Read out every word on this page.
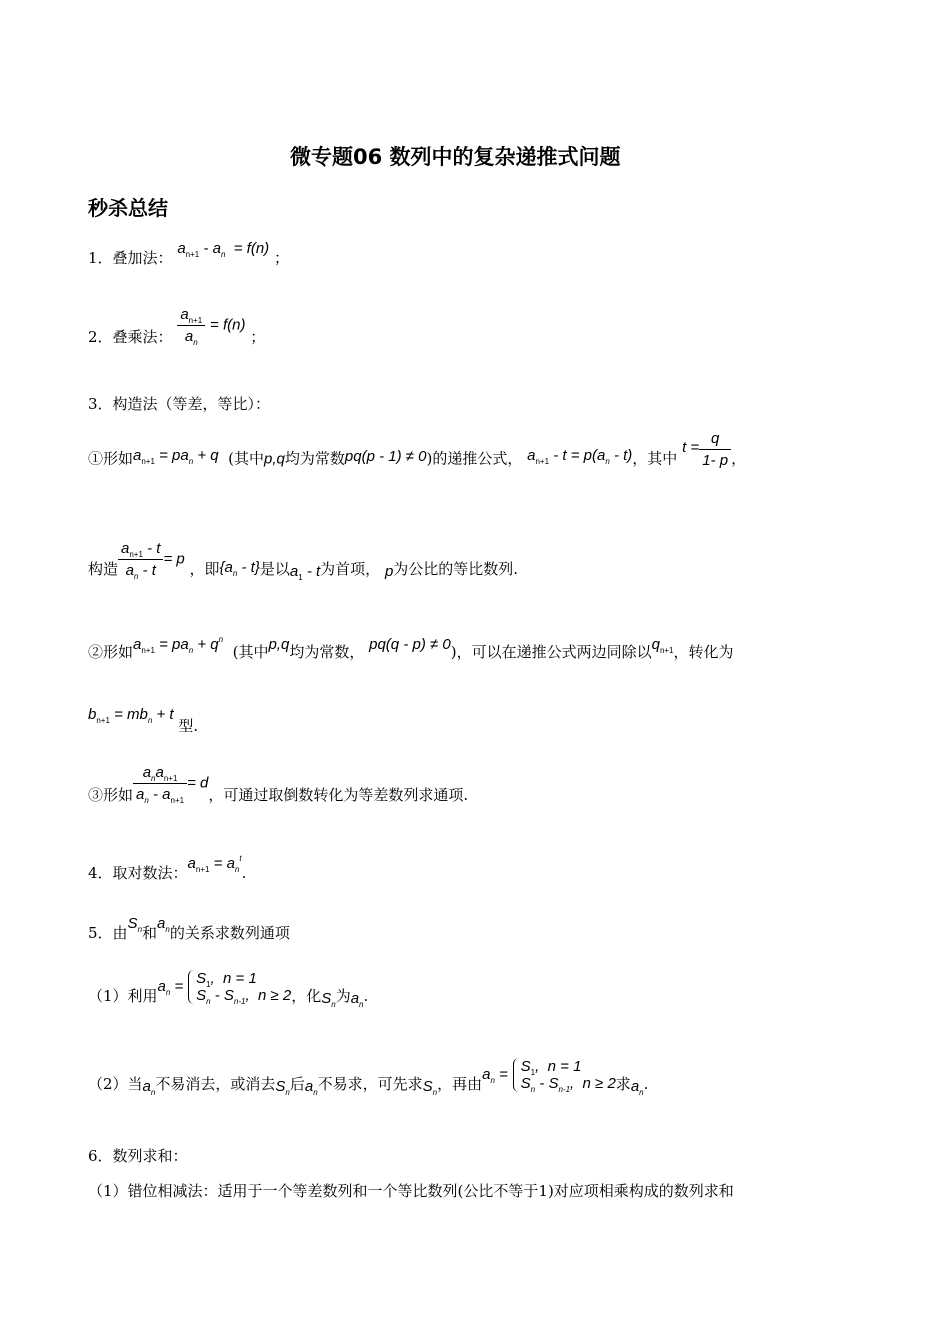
微专题06 数列中的复杂递推式问题
秒杀总结
1．叠加法： $a_{n+1} - a_n = f(n)$ ；
2．叠乘法： $\frac{a_{n+1}}{a_n} = f(n)$ ；
3．构造法（等差，等比）：
①形如$a_{n+1} = pa_n + q$ (其中p,q均为常数pq(p - 1) ≠ 0)的递推公式， $a_{n+1} - t = p(a_n - t)$，其中 $t = \frac{q}{1- p}$ ，
构造 $\frac{a_{n+1} - t}{a_n - t} = p$ ，即$\{a_n - t\}$是以$a_1$ - t为首项， p为公比的等比数列.
②形如$a_{n+1} = pa_n + q^n$  (其中p,q均为常数， pq(q - p) ≠ 0)，可以在递推公式两边同除以$q_{n+1}$，转化为
$b_{n+1} = mb_n + t$ 型.
③形如 $\frac{a_na_{n+1}}{a_n - a_{n+1}} = d$，可通过取倒数转化为等差数列求通项.
4．取对数法：$a_{n+1} = a_n^t$.
5．由$S_n$和$a_n$的关系求数列通项
（1）利用$a_n = S_1$,  n = 1
$S_n - S_{n-1}$,  n ≥ 2 ，化$S_n$为$a_n$.
（2）当$a_n$不易消去，或消去$S_n$后$a_n$不易求，可先求$S_n$，再由$a_n = S_1$,  n = 1
$S_n - S_{n-1}$,  n ≥ 2 求$a_n$.
6．数列求和：
（1）错位相减法：适用于一个等差数列和一个等比数列(公比不等于1)对应项相乘构成的数列求和
